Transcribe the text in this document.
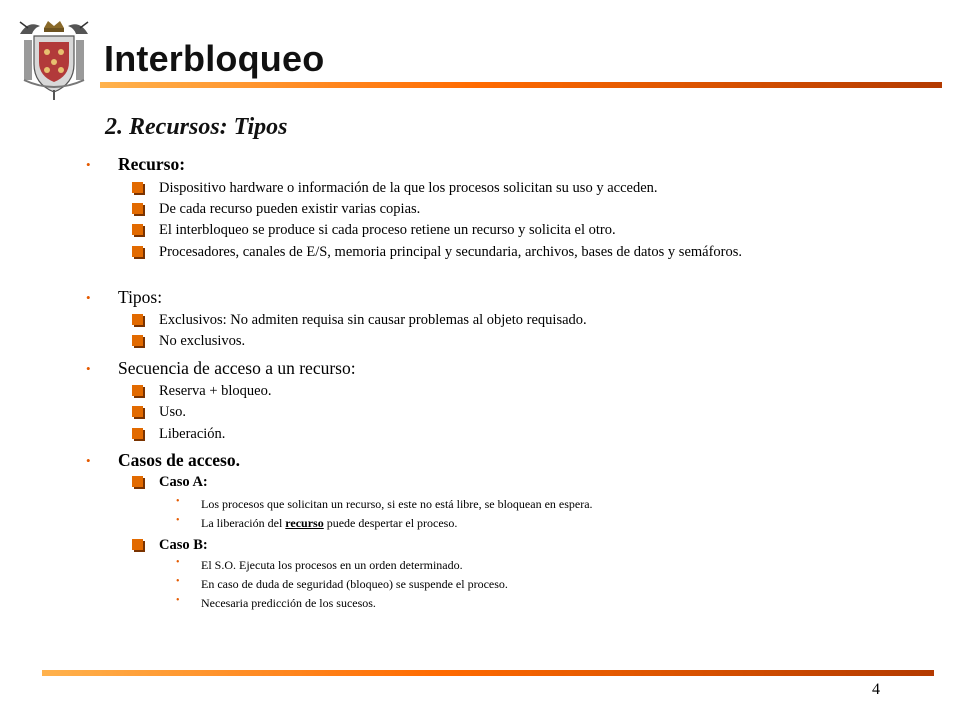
Interbloqueo
2. Recursos: Tipos
• Recurso:
Dispositivo hardware o información de la que los procesos solicitan su uso y acceden.
De cada recurso pueden existir varias copias.
El interbloqueo se produce si cada proceso retiene un recurso y solicita el otro.
Procesadores, canales de E/S, memoria principal y secundaria, archivos, bases de datos y semáforos.
• Tipos:
Exclusivos: No admiten requisa sin causar problemas al objeto requisado.
No exclusivos.
• Secuencia de acceso a un recurso:
Reserva + bloqueo.
Uso.
Liberación.
• Casos de acceso.
Caso A:
• Los procesos que solicitan un recurso, si este no está libre, se bloquean en espera.
• La liberación del recurso puede despertar el proceso.
Caso B:
• El S.O. Ejecuta los procesos en un orden determinado.
• En caso de duda de seguridad (bloqueo) se suspende el proceso.
• Necesaria predicción de los sucesos.
4
